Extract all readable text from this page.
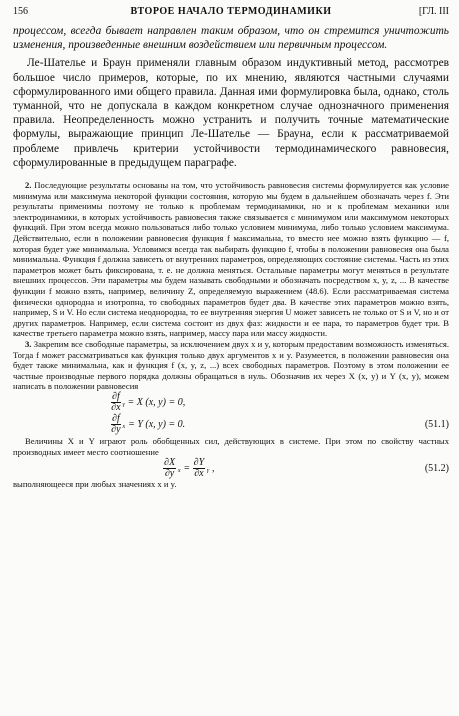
156	ВТОРОЕ НАЧАЛО ТЕРМОДИНАМИКИ	[ГЛ. III

процессом, всегда бывает направлен таким образом, что он стремится уничтожить изменения, произведенные внешним воздействием или первичным процессом.

Ле-Шателье и Браун применяли главным образом индуктивный метод, рассмотрев большое число примеров, которые, по их мнению, являются частными случаями сформулированного ими общего правила. Данная ими формулировка была, однако, столь туманной, что не допускала в каждом конкретном случае однозначного применения правила. Неопределенность можно устранить и получить точные математические формулы, выражающие принцип Ле-Шателье — Брауна, если к рассматриваемой проблеме привлечь критерии устойчивости термодинамического равновесия, сформулированные в предыдущем параграфе.

2. Последующие результаты основаны на том, что устойчивость равновесия системы формулируется как условие минимума или максимума некоторой функции состояния, которую мы будем в дальнейшем обозначать через f. Эти результаты применимы поэтому не только к проблемам термодинамики, но и к проблемам механики или электродинамики, в которых устойчивость равновесия также связывается с минимумом или максимумом некоторых функций. При этом всегда можно пользоваться либо только условием минимума, либо только условием максимума. Действительно, если в положении равновесия функция f максимальна, то вместо нее можно взять функцию — f, которая будет уже минимальна. Условимся всегда так выбирать функцию f, чтобы в положении равновесия она была минимальна. Функция f должна зависеть от внутренних параметров, определяющих состояние системы. Часть из этих параметров может быть фиксирована, т. е. не должна меняться. Остальные параметры могут меняться в результате внешних процессов. Эти параметры мы будем называть свободными и обозначать посредством x, y, z, ... В качестве функции f можно взять, например, величину Z, определяемую выражением (48.6). Если рассматриваемая система физически однородна и изотропна, то свободных параметров будет два. В качестве этих параметров можно взять, например, S и V. Но если система неоднородна, то ее внутренняя энергия U может зависеть не только от S и V, но и от других параметров. Например, если система состоит из двух фаз: жидкости и ее пара, то параметров будет три. В качестве третьего параметра можно взять, например, массу пара или массу жидкости.

3. Закрепим все свободные параметры, за исключением двух x и y, которым предоставим возможность изменяться. Тогда f может рассматриваться как функция только двух аргументов x и y. Разумеется, в положении равновесия она будет также минимальна, как и функция f (x, y, z, ...) всех свободных параметров. Поэтому в этом положении ее частные производные первого порядка должны обращаться в нуль. Обозначив их через X (x, y) и Y (x, y), можем написать в положении равновесия

$\frac{\partial f}{\partial x}$ ᵧ = X (x, y) = 0,
$\frac{\partial f}{\partial y}$ ₓ = Y (x, y) = 0.	(51.1)

Величины X и Y играют роль обобщенных сил, действующих в системе. При этом по свойству частных производных имеет место соотношение

$\frac{\partial X}{\partial y}$ $_x = \frac{\partial Y}{\partial x}$ ᵧ ,	(51.2)

выполняющееся при любых значениях x и y.
